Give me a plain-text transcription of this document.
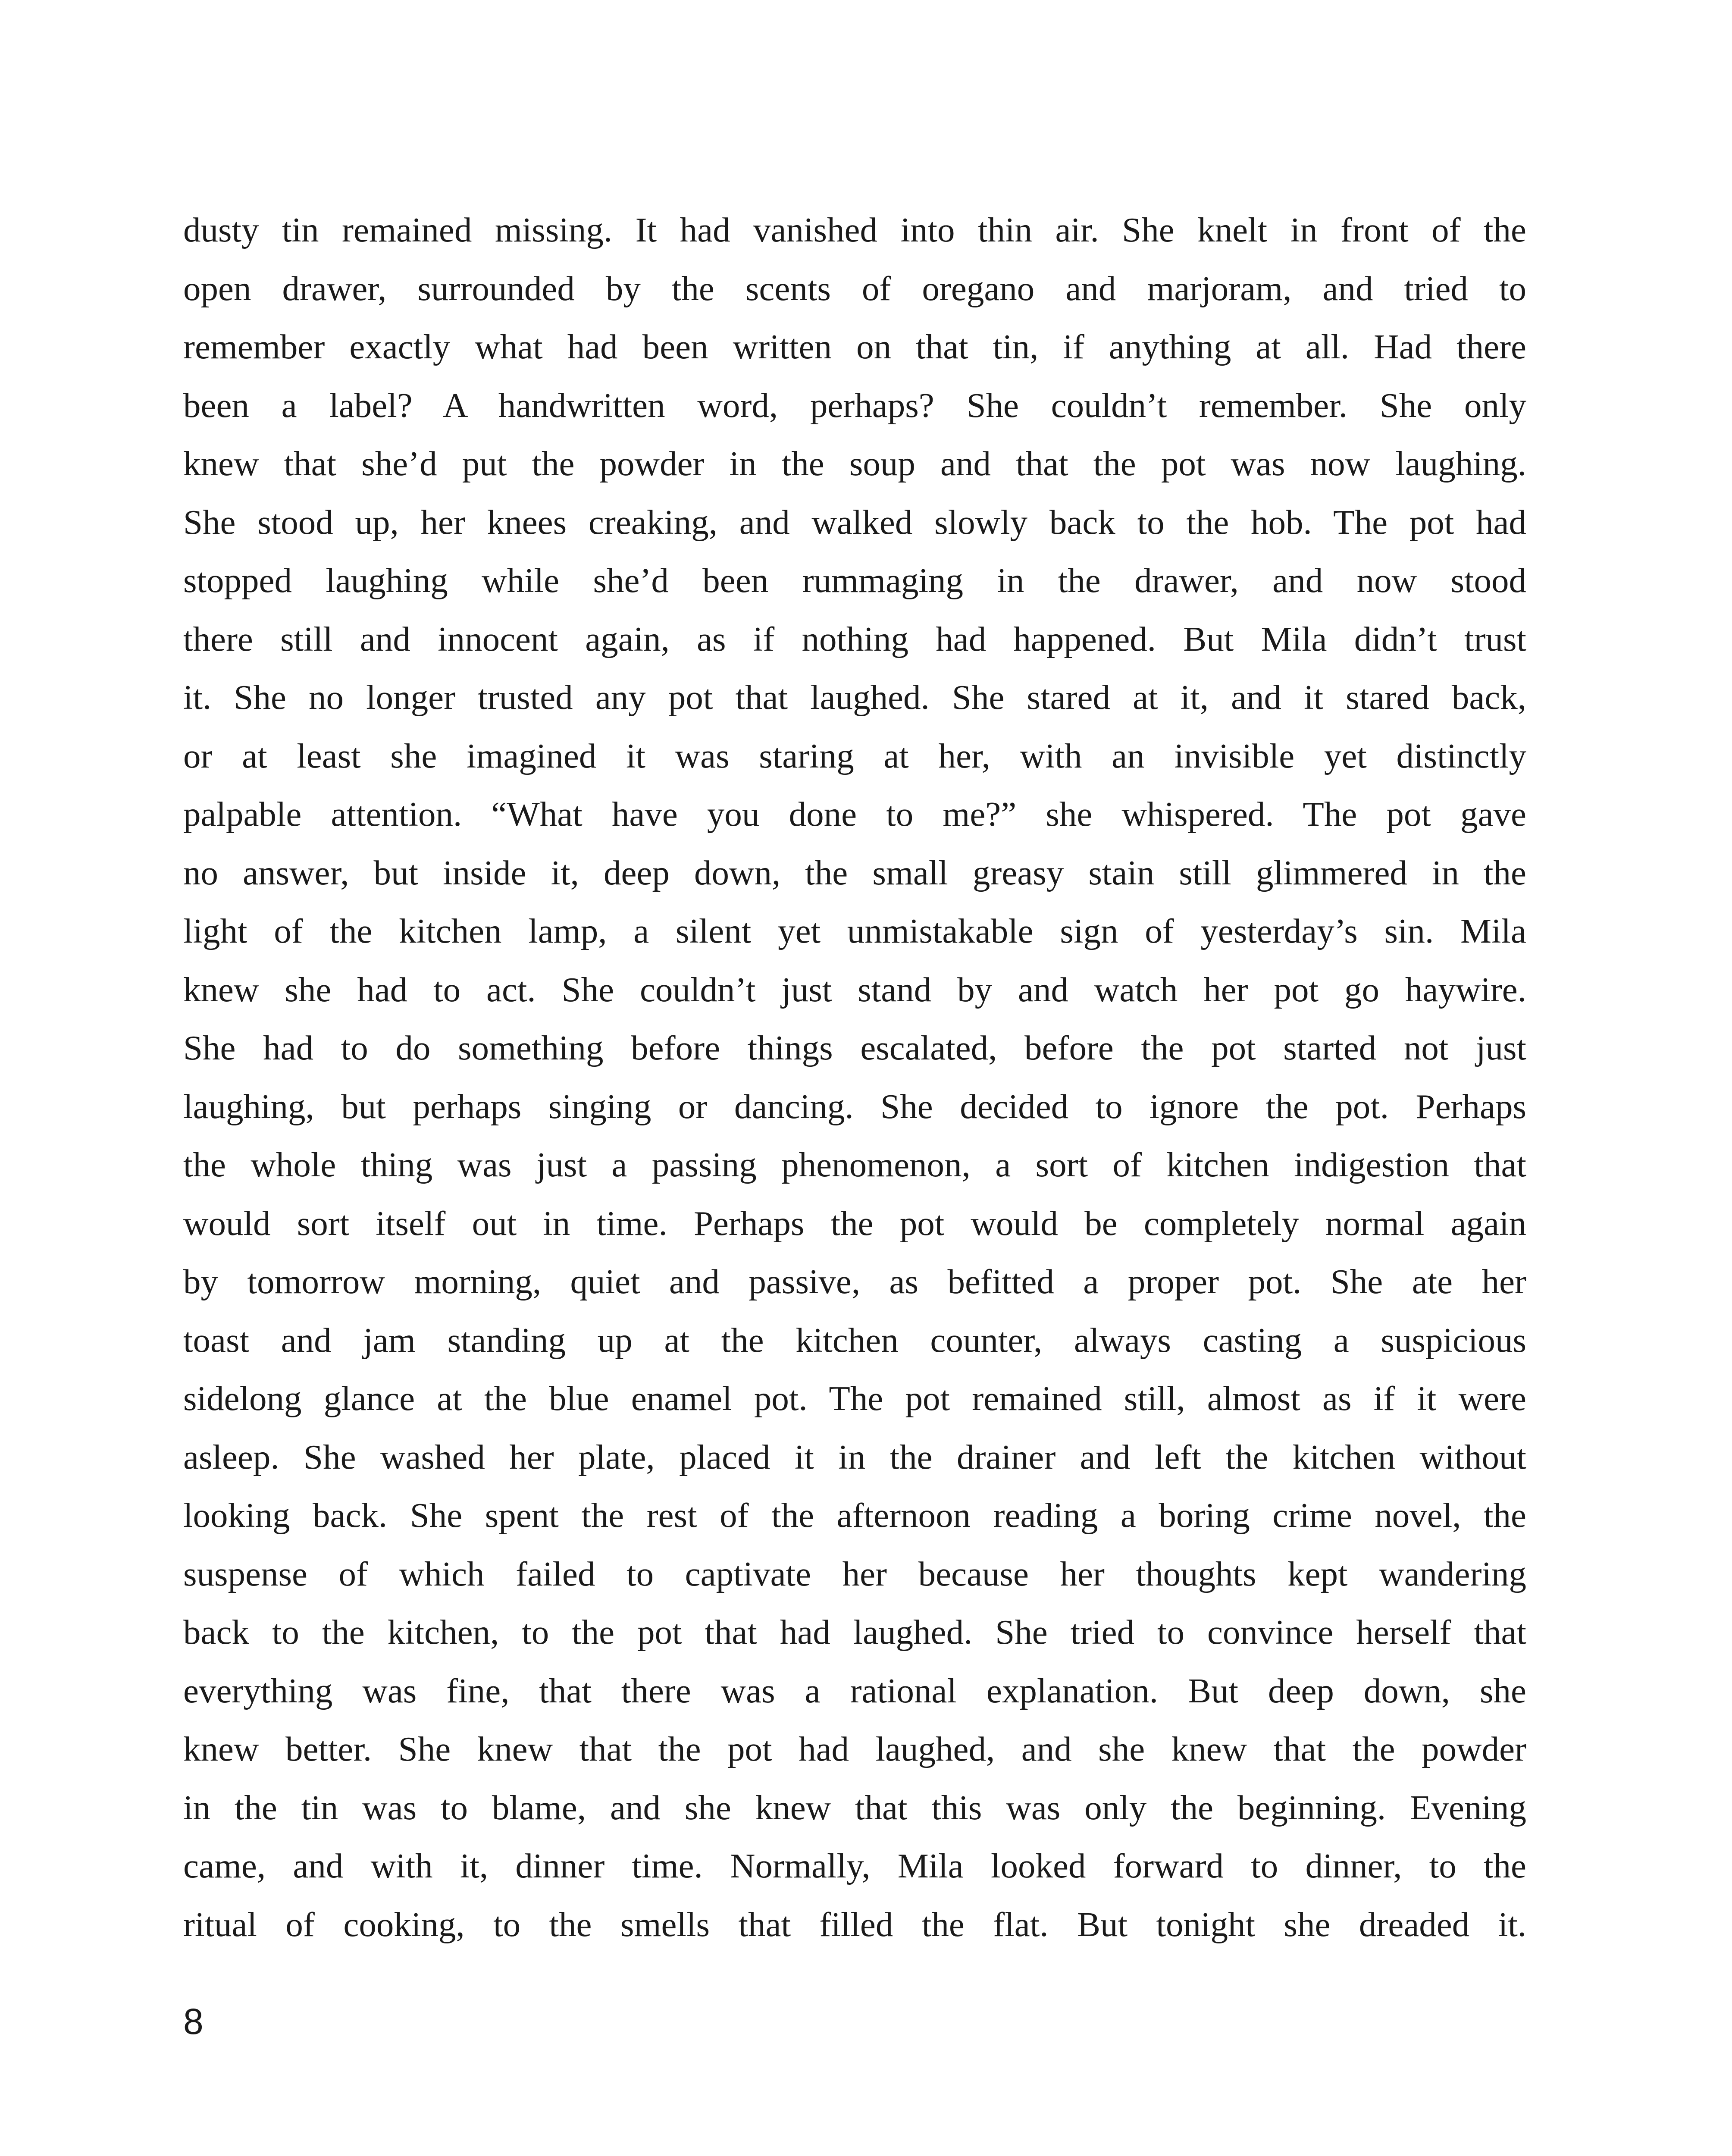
dusty tin remained missing. It had vanished into thin air. She knelt in front of the
open drawer, surrounded by the scents of oregano and marjoram, and tried to
remember exactly what had been written on that tin, if anything at all. Had there
been a label? A handwritten word, perhaps? She couldn’t remember. She only
knew that she’d put the powder in the soup and that the pot was now laughing.
She stood up, her knees creaking, and walked slowly back to the hob. The pot had
stopped laughing while she’d been rummaging in the drawer, and now stood
there still and innocent again, as if nothing had happened. But Mila didn’t trust
it. She no longer trusted any pot that laughed. She stared at it, and it stared back,
or at least she imagined it was staring at her, with an invisible yet distinctly
palpable attention. “What have you done to me?” she whispered. The pot gave
no answer, but inside it, deep down, the small greasy stain still glimmered in the
light of the kitchen lamp, a silent yet unmistakable sign of yesterday’s sin. Mila
knew she had to act. She couldn’t just stand by and watch her pot go haywire.
She had to do something before things escalated, before the pot started not just
laughing, but perhaps singing or dancing. She decided to ignore the pot. Perhaps
the whole thing was just a passing phenomenon, a sort of kitchen indigestion that
would sort itself out in time. Perhaps the pot would be completely normal again
by tomorrow morning, quiet and passive, as befitted a proper pot. She ate her
toast and jam standing up at the kitchen counter, always casting a suspicious
sidelong glance at the blue enamel pot. The pot remained still, almost as if it were
asleep. She washed her plate, placed it in the drainer and left the kitchen without
looking back. She spent the rest of the afternoon reading a boring crime novel, the
suspense of which failed to captivate her because her thoughts kept wandering
back to the kitchen, to the pot that had laughed. She tried to convince herself that
everything was fine, that there was a rational explanation. But deep down, she
knew better. She knew that the pot had laughed, and she knew that the powder
in the tin was to blame, and she knew that this was only the beginning. Evening
came, and with it, dinner time. Normally, Mila looked forward to dinner, to the
ritual of cooking, to the smells that filled the flat. But tonight she dreaded it.

8
